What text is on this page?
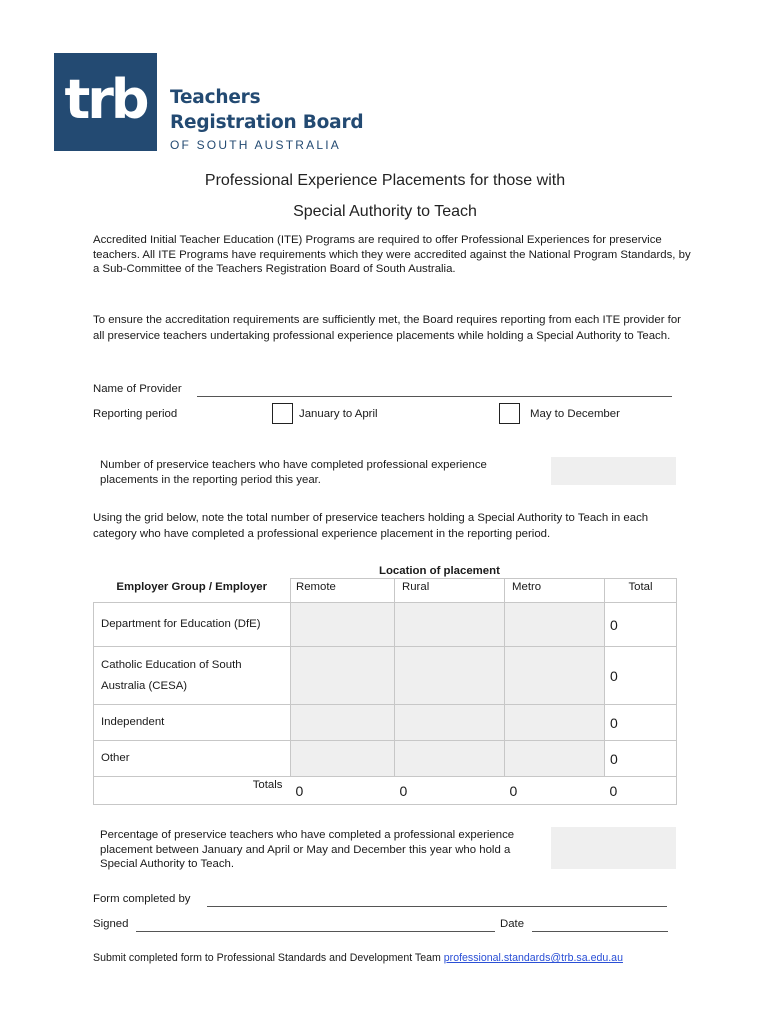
trb Teachers
Registration Board
OF SOUTH AUSTRALIA
Professional Experience Placements for those with
Special Authority to Teach
Accredited Initial Teacher Education (ITE) Programs are required to offer Professional Experiences for preservice teachers. All ITE Programs have requirements which they were accredited against the National Program Standards, by a Sub-Committee of the Teachers Registration Board of South Australia.
To ensure the accreditation requirements are sufficiently met, the Board requires reporting from each ITE provider for all preservice teachers undertaking professional experience placements while holding a Special Authority to Teach.
Name of Provider
Reporting period	January to April	May to December
Number of preservice teachers who have completed professional experience placements in the reporting period this year.
Using the grid below, note the total number of preservice teachers holding a Special Authority to Teach in each category who have completed a professional experience placement in the reporting period.
Location of placement
Employer Group / Employer	Remote	Rural	Metro	Total
Department for Education (DfE)				0

Catholic Education of South
Australia (CESA)				0
Independent				0
Other				0
Totals	0	0	0	0
Percentage of preservice teachers who have completed a professional experience placement between January and April or May and December this year who hold a Special Authority to Teach.
Form completed by
Signed	Date
Submit completed form to Professional Standards and Development Team professional.standards@trb.sa.edu.au
